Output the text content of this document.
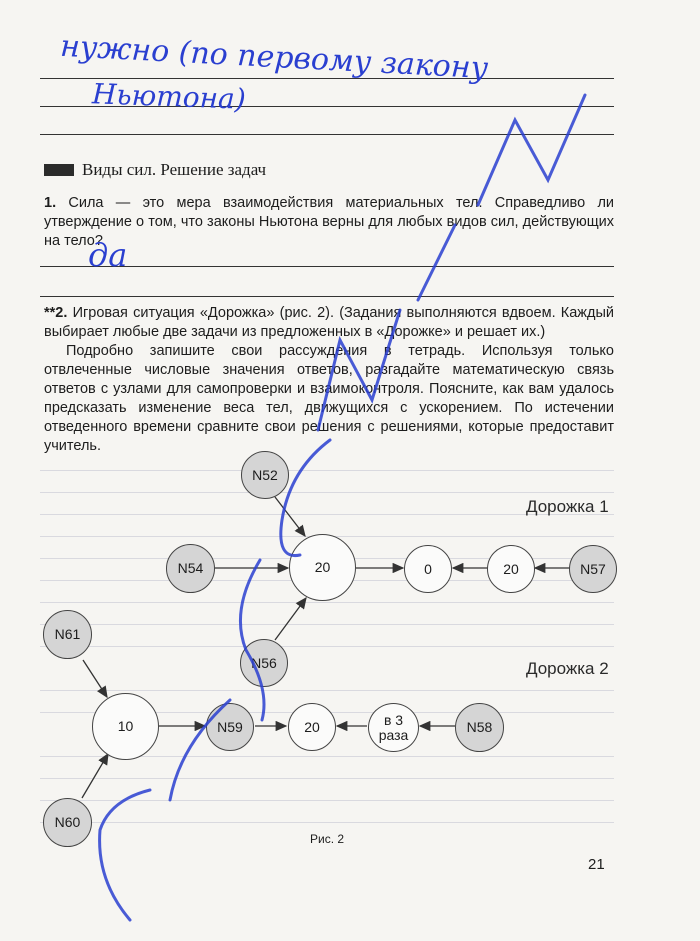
нужно (по первому закону
Ньютона)
Виды сил. Решение задач
1. Сила — это мера взаимодействия материальных тел. Справедливо ли утверждение о том, что законы Ньютона верны для любых видов сил, действующих на тело?
да
**2. Игровая ситуация «Дорожка» (рис. 2). (Задания выполняются вдвоем. Каждый выбирает любые две задачи из предложенных в «Дорожке» и решает их.)
Подробно запишите свои рассуждения в тетрадь. Используя только отвлеченные числовые значения ответов, разгадайте математическую связь ответов с узлами для самопроверки и взаимоконтроля. Поясните, как вам удалось предсказать изменение веса тел, движущихся с ускорением. По истечении отведенного времени сравните свои решения с решениями, которые предоставит учитель.
Дорожка 1
Дорожка 2
N52
N54	20	0	20	N57
N56
N61
10	N59	20	в 3
раза	N58
N60
Рис. 2
21
